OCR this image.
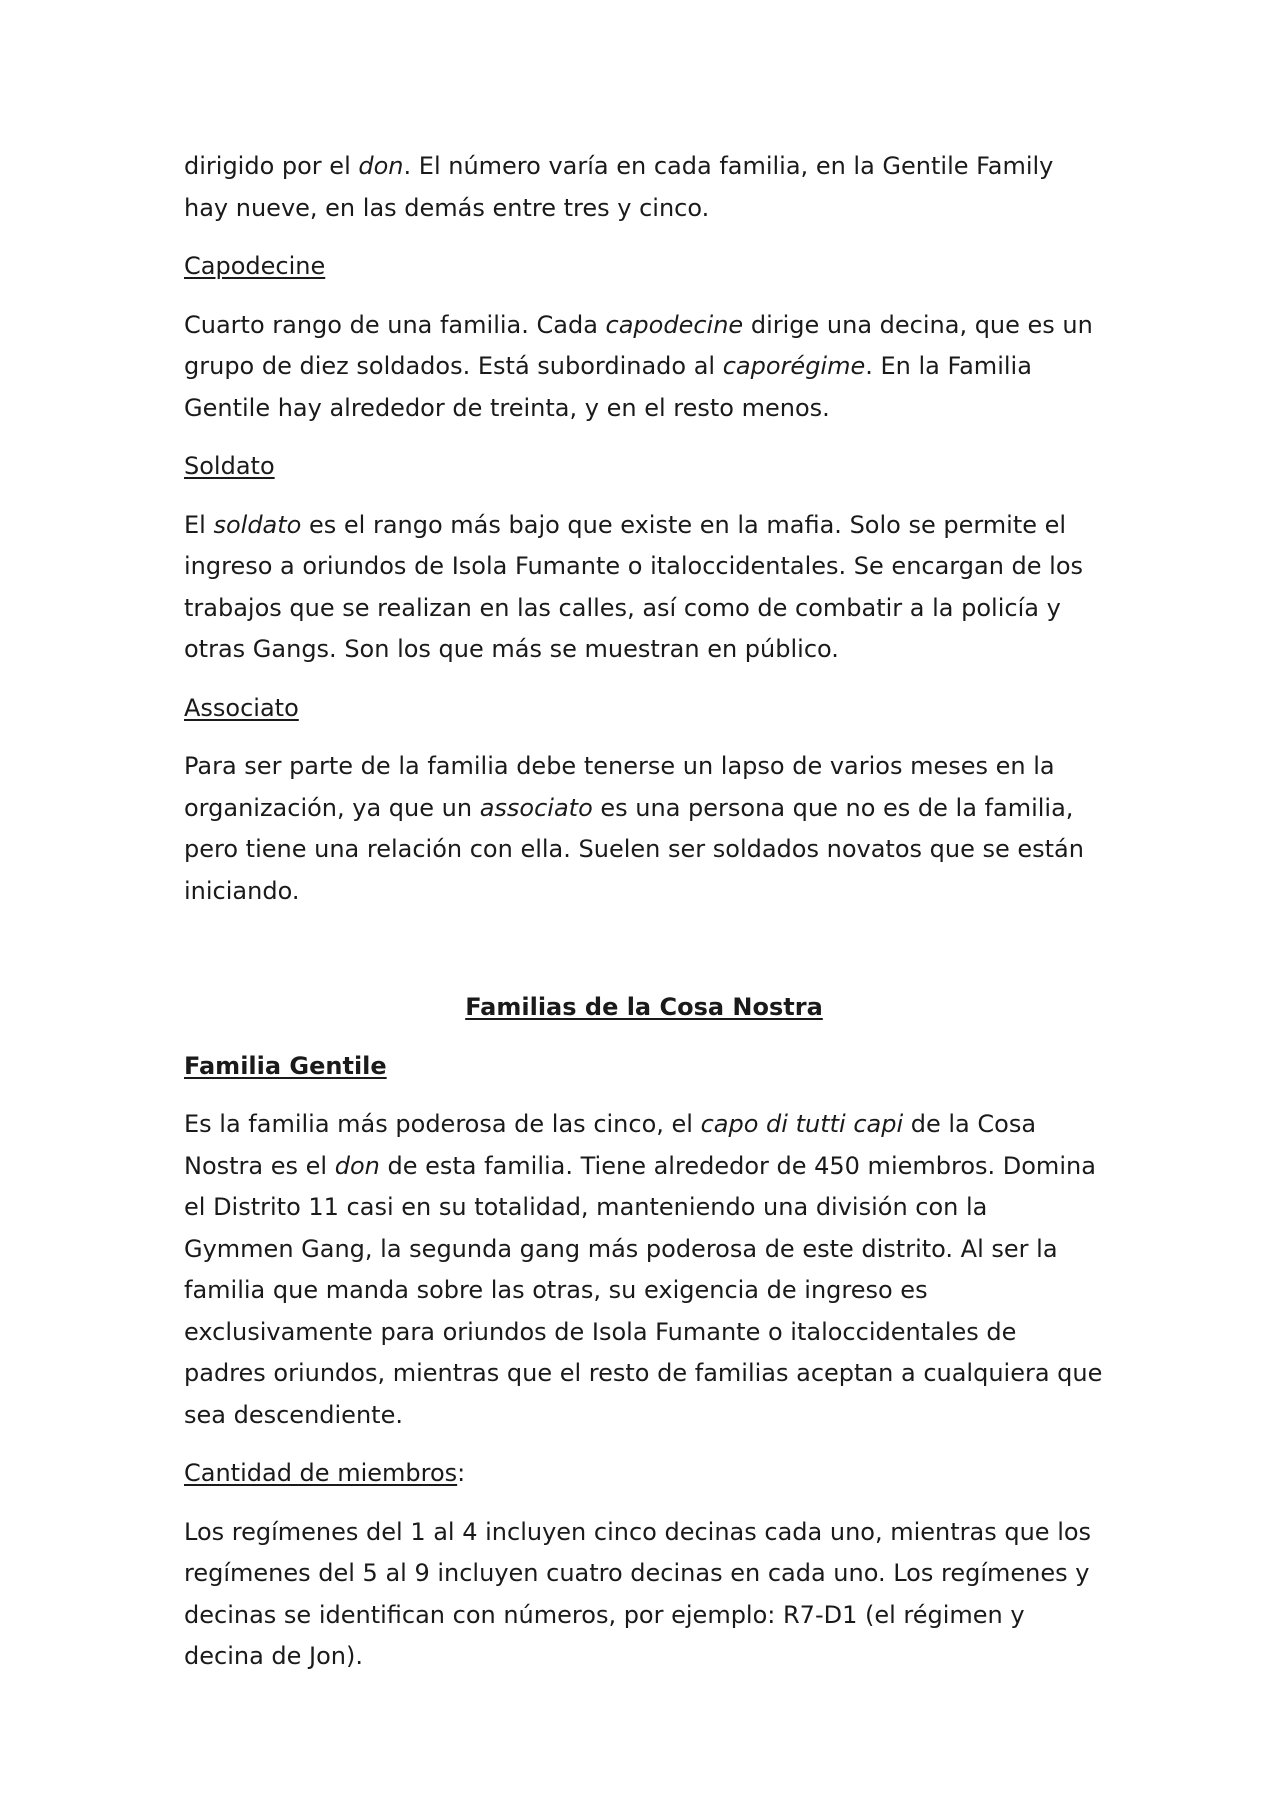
dirigido por el don. El número varía en cada familia, en la Gentile Family hay nueve, en las demás entre tres y cinco.

Capodecine

Cuarto rango de una familia. Cada capodecine dirige una decina, que es un grupo de diez soldados. Está subordinado al caporégime. En la Familia Gentile hay alrededor de treinta, y en el resto menos.

Soldato

El soldato es el rango más bajo que existe en la mafia. Solo se permite el ingreso a oriundos de Isola Fumante o italoccidentales. Se encargan de los trabajos que se realizan en las calles, así como de combatir a la policía y otras Gangs. Son los que más se muestran en público.

Associato

Para ser parte de la familia debe tenerse un lapso de varios meses en la organización, ya que un associato es una persona que no es de la familia, pero tiene una relación con ella. Suelen ser soldados novatos que se están iniciando.

Familias de la Cosa Nostra

Familia Gentile

Es la familia más poderosa de las cinco, el capo di tutti capi de la Cosa Nostra es el don de esta familia. Tiene alrededor de 450 miembros. Domina el Distrito 11 casi en su totalidad, manteniendo una división con la Gymmen Gang, la segunda gang más poderosa de este distrito. Al ser la familia que manda sobre las otras, su exigencia de ingreso es exclusivamente para oriundos de Isola Fumante o italoccidentales de padres oriundos, mientras que el resto de familias aceptan a cualquiera que sea descendiente.

Cantidad de miembros:

Los regímenes del 1 al 4 incluyen cinco decinas cada uno, mientras que los regímenes del 5 al 9 incluyen cuatro decinas en cada uno. Los regímenes y decinas se identifican con números, por ejemplo: R7-D1 (el régimen y decina de Jon).
